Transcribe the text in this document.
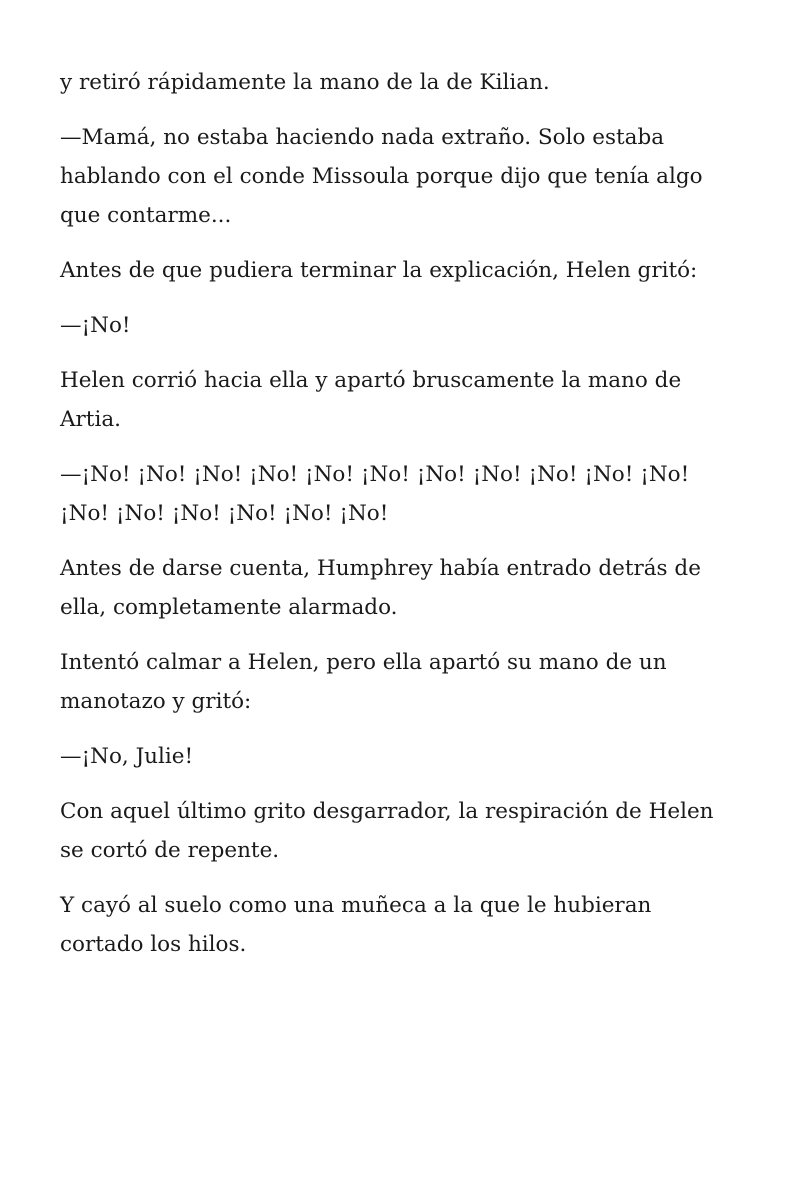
y retiró rápidamente la mano de la de Kilian.

—Mamá, no estaba haciendo nada extraño. Solo estaba hablando con el conde Missoula porque dijo que tenía algo que contarme...

Antes de que pudiera terminar la explicación, Helen gritó:

—¡No!

Helen corrió hacia ella y apartó bruscamente la mano de Artia.

—¡No! ¡No! ¡No! ¡No! ¡No! ¡No! ¡No! ¡No! ¡No! ¡No! ¡No! ¡No! ¡No! ¡No! ¡No! ¡No! ¡No!

Antes de darse cuenta, Humphrey había entrado detrás de ella, completamente alarmado.

Intentó calmar a Helen, pero ella apartó su mano de un manotazo y gritó:

—¡No, Julie!

Con aquel último grito desgarrador, la respiración de Helen se cortó de repente.

Y cayó al suelo como una muñeca a la que le hubieran cortado los hilos.
